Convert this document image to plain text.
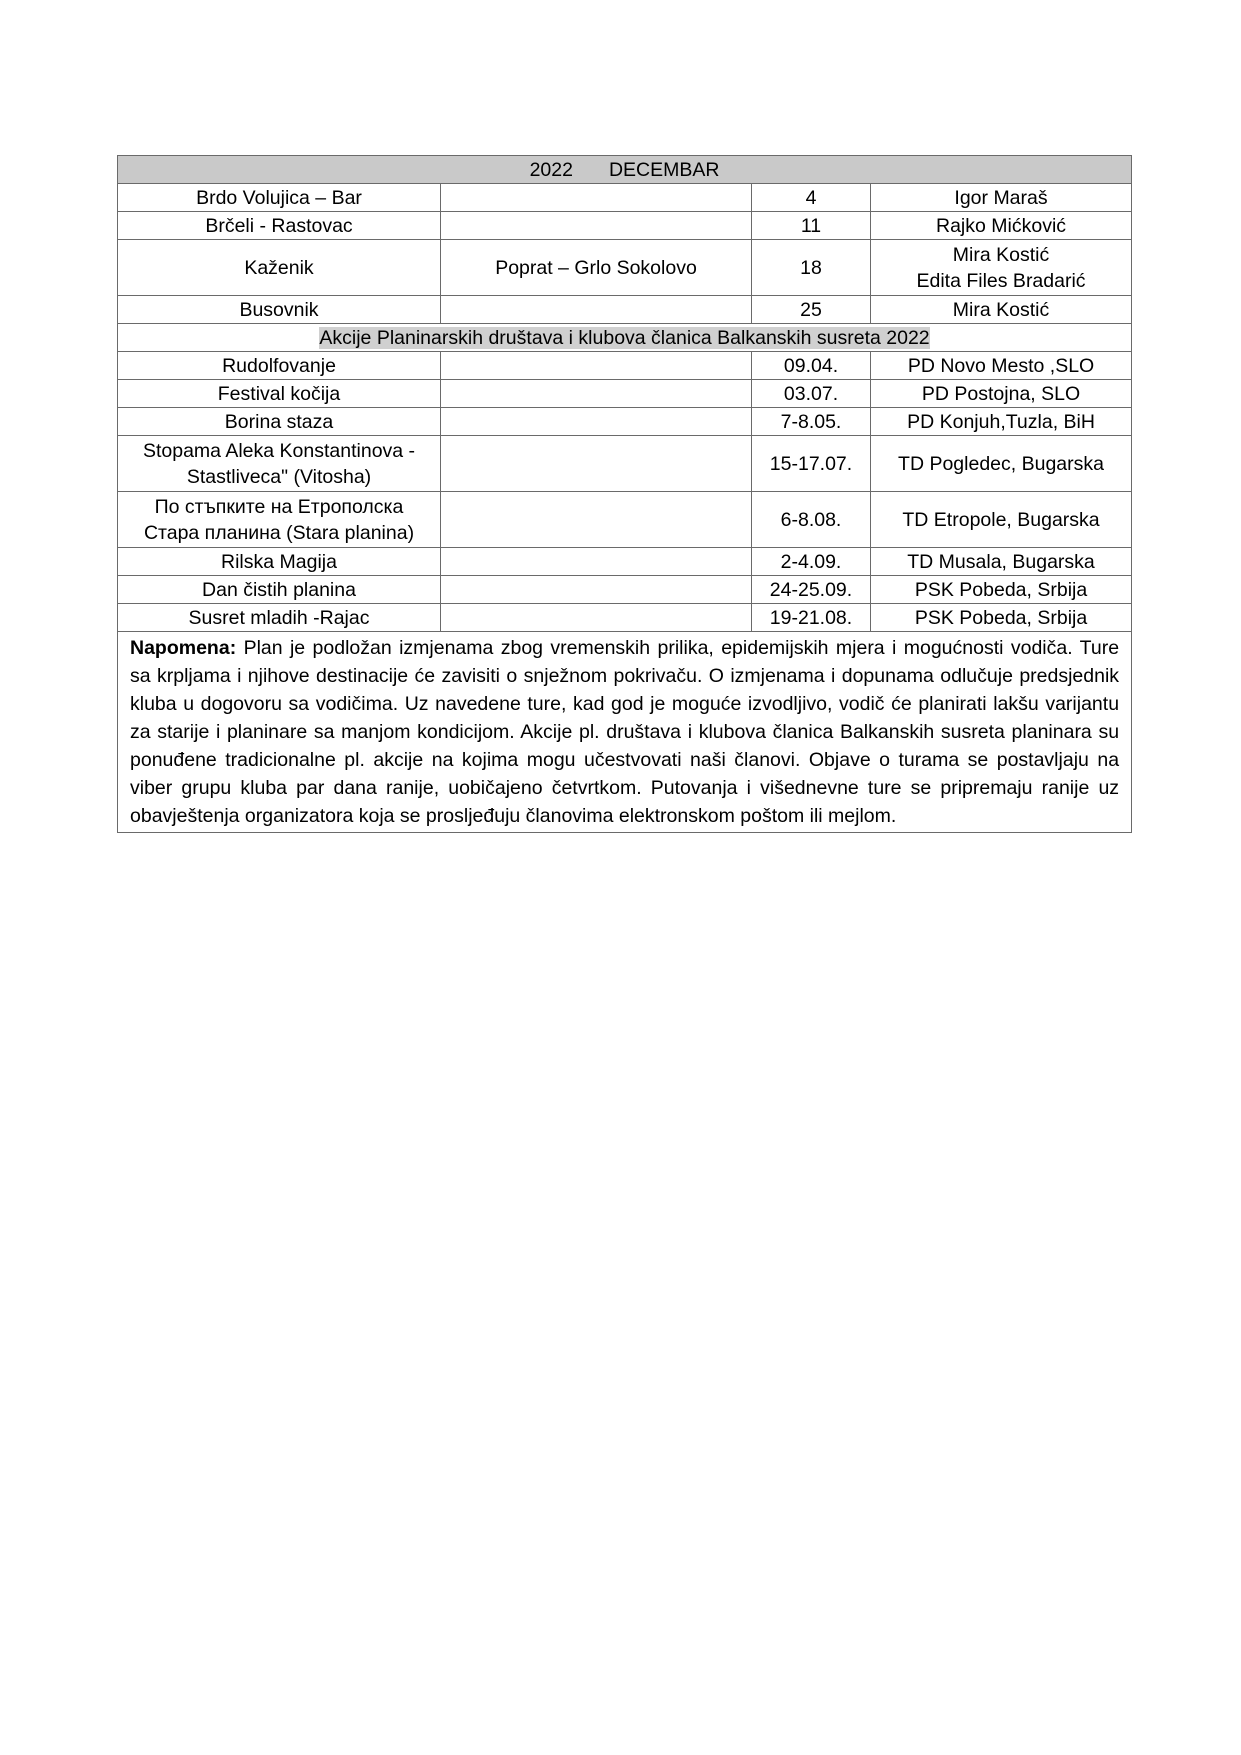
2022 DECEMBAR			
Brdo Volujica – Bar		4	Igor Maraš

Brčeli - Rastovac		11	Rajko Mićković

Kaženik	Poprat – Grlo Sokolovo	18	Mira Kostić
Edita Files Bradarić

Busovnik		25	Mira Kostić

Akcije Planinarskih društava i klubova članica Balkanskih susreta 2022			

Rudolfovanje		09.04.	PD Novo Mesto ,SLO

Festival kočija		03.07.	PD Postojna, SLO

Borina staza		7-8.05.	PD Konjuh,Tuzla, BiH

Stopama Aleka Konstantinova -
Stastliveca" (Vitosha)		15-17.07.	TD Pogledec, Bugarska

По стъпките на Етрополска
Стара планина (Stara planina)		6-8.08.	TD Etropole, Bugarska

Rilska Magija		2-4.09.	TD Musala, Bugarska

Dan čistih planina		24-25.09.	PSK Pobeda, Srbija

Susret mladih -Rajac		19-21.08.	PSK Pobeda, Srbija
Napomena: Plan je podložan izmjenama zbog vremenskih prilika, epidemijskih mjera i mogućnosti vodiča. Ture sa krpljama i njihove destinacije će zavisiti o snježnom pokrivaču. O izmjenama i dopunama odlučuje predsjednik kluba u dogovoru sa vodičima. Uz navedene ture, kad god je moguće izvodljivo, vodič će planirati lakšu varijantu za starije i planinare sa manjom kondicijom. Akcije pl. društava i klubova članica Balkanskih susreta planinara su ponuđene tradicionalne pl. akcije na kojima mogu učestvovati naši članovi. Objave o turama se postavljaju na viber grupu kluba par dana ranije, uobičajeno četvrtkom. Putovanja i višednevne ture se pripremaju ranije uz obavještenja organizatora koja se prosljeđuju članovima elektronskom poštom ili mejlom.			
